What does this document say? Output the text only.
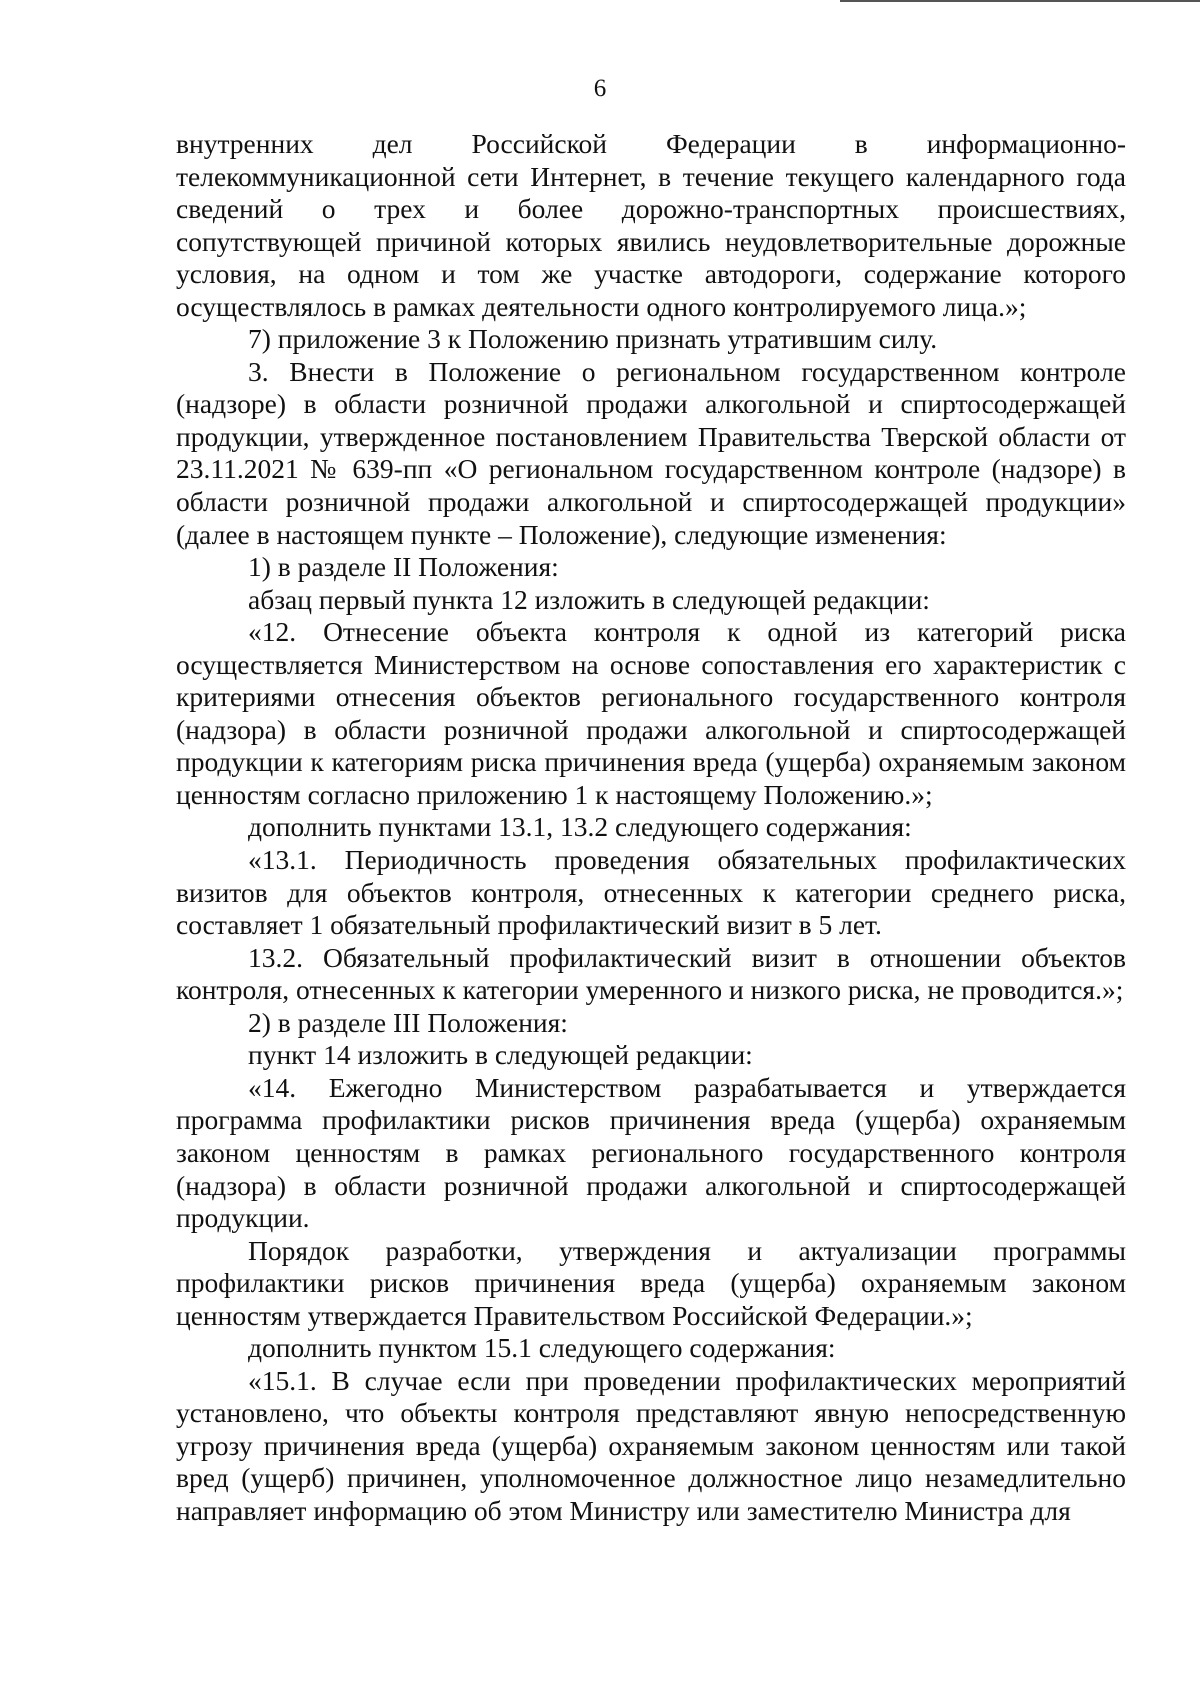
6

внутренних дел Российской Федерации в информационно-телекоммуникационной сети Интернет, в течение текущего календарного года сведений о трех и более дорожно-транспортных происшествиях, сопутствующей причиной которых явились неудовлетворительные дорожные условия, на одном и том же участке автодороги, содержание которого осуществлялось в рамках деятельности одного контролируемого лица.»;

7) приложение 3 к Положению признать утратившим силу.

3. Внести в Положение о региональном государственном контроле (надзоре) в области розничной продажи алкогольной и спиртосодержащей продукции, утвержденное постановлением Правительства Тверской области от 23.11.2021 № 639-пп «О региональном государственном контроле (надзоре) в области розничной продажи алкогольной и спиртосодержащей продукции» (далее в настоящем пункте – Положение), следующие изменения:

1) в разделе II Положения:

абзац первый пункта 12 изложить в следующей редакции:

«12. Отнесение объекта контроля к одной из категорий риска осуществляется Министерством на основе сопоставления его характеристик с критериями отнесения объектов регионального государственного контроля (надзора) в области розничной продажи алкогольной и спиртосодержащей продукции к категориям риска причинения вреда (ущерба) охраняемым законом ценностям согласно приложению 1 к настоящему Положению.»;

дополнить пунктами 13.1, 13.2 следующего содержания:

«13.1. Периодичность проведения обязательных профилактических визитов для объектов контроля, отнесенных к категории среднего риска, составляет 1 обязательный профилактический визит в 5 лет.

13.2. Обязательный профилактический визит в отношении объектов контроля, отнесенных к категории умеренного и низкого риска, не проводится.»;

2) в разделе III Положения:

пункт 14 изложить в следующей редакции:

«14. Ежегодно Министерством разрабатывается и утверждается программа профилактики рисков причинения вреда (ущерба) охраняемым законом ценностям в рамках регионального государственного контроля (надзора) в области розничной продажи алкогольной и спиртосодержащей продукции.

Порядок разработки, утверждения и актуализации программы профилактики рисков причинения вреда (ущерба) охраняемым законом ценностям утверждается Правительством Российской Федерации.»;

дополнить пунктом 15.1 следующего содержания:

«15.1. В случае если при проведении профилактических мероприятий установлено, что объекты контроля представляют явную непосредственную угрозу причинения вреда (ущерба) охраняемым законом ценностям или такой вред (ущерб) причинен, уполномоченное должностное лицо незамедлительно направляет информацию об этом Министру или заместителю Министра для
